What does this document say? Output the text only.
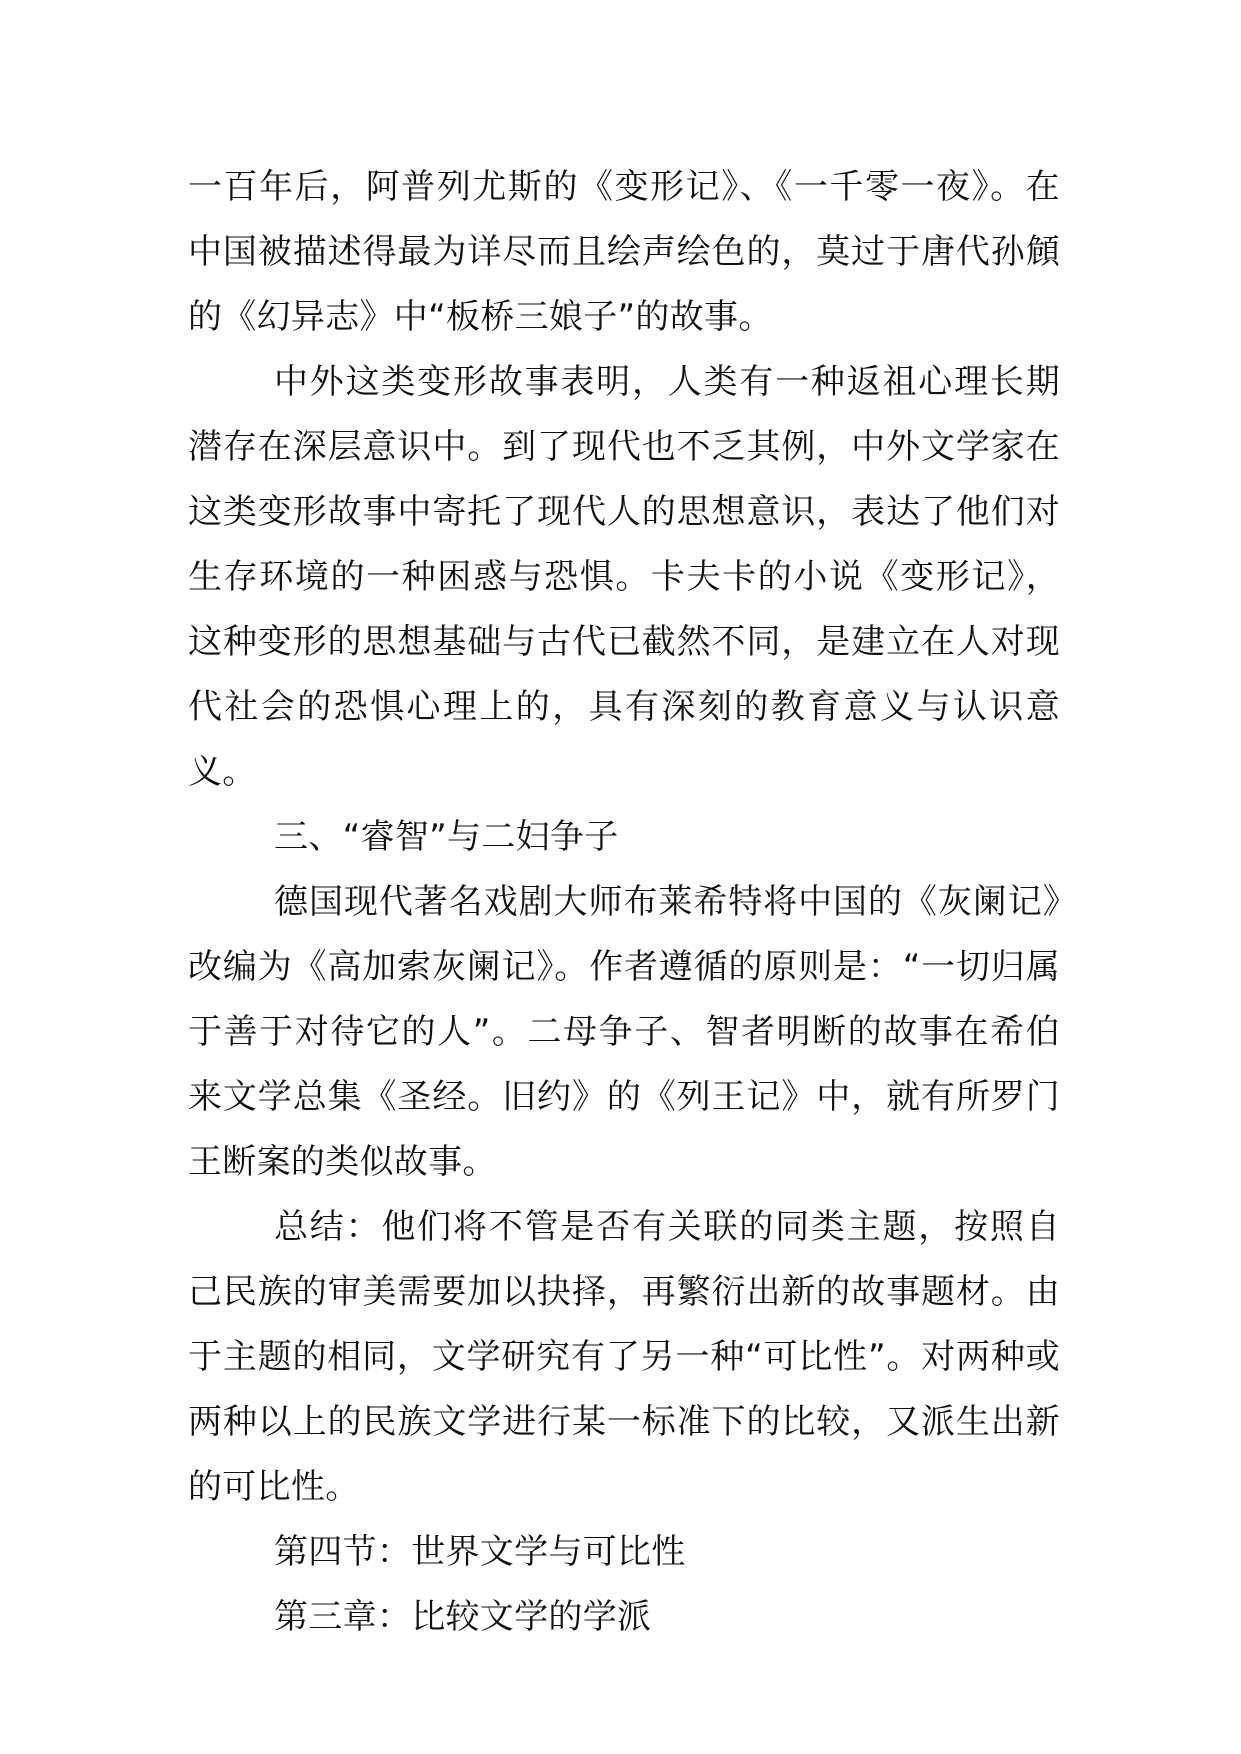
一百年后，阿普列尤斯的《变形记》、《一千零一夜》。在中国被描述得最为详尽而且绘声绘色的，莫过于唐代孙頠的《幻异志》中“板桥三娘子”的故事。

中外这类变形故事表明，人类有一种返祖心理长期潜存在深层意识中。到了现代也不乏其例，中外文学家在这类变形故事中寄托了现代人的思想意识，表达了他们对生存环境的一种困惑与恐惧。卡夫卡的小说《变形记》，这种变形的思想基础与古代已截然不同，是建立在人对现代社会的恐惧心理上的，具有深刻的教育意义与认识意义。

三、“睿智”与二妇争子

德国现代著名戏剧大师布莱希特将中国的《灰阑记》改编为《高加索灰阑记》。作者遵循的原则是：“一切归属于善于对待它的人”。二母争子、智者明断的故事在希伯来文学总集《圣经。旧约》的《列王记》中，就有所罗门王断案的类似故事。

总结：他们将不管是否有关联的同类主题，按照自己民族的审美需要加以抉择，再繁衍出新的故事题材。由于主题的相同，文学研究有了另一种“可比性”。对两种或两种以上的民族文学进行某一标准下的比较，又派生出新的可比性。

第四节：世界文学与可比性

第三章：比较文学的学派
